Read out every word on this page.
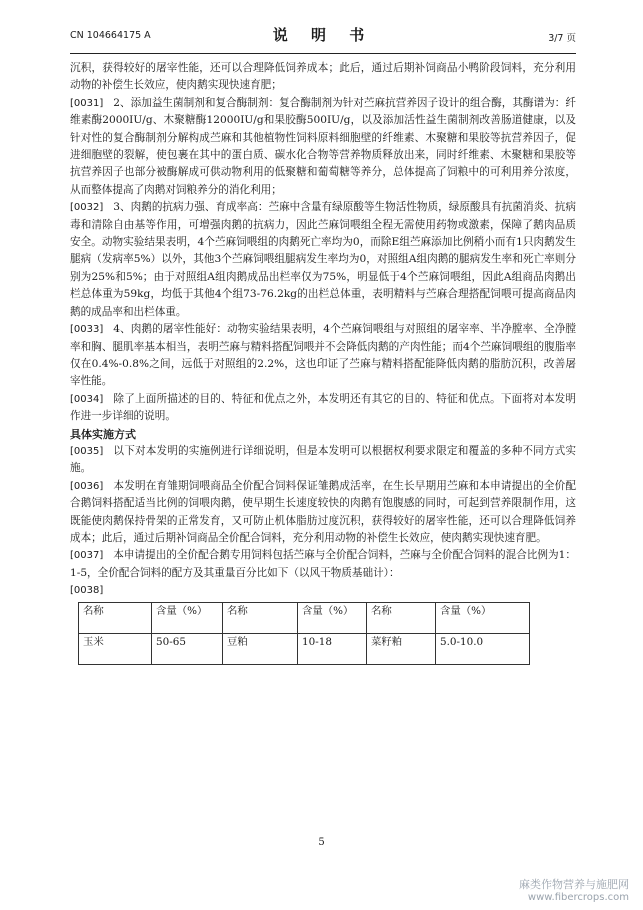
CN 104664175 A	说 明 书	3/7 页

沉积，获得较好的屠宰性能，还可以合理降低饲养成本；此后，通过后期补饲商品小鸭阶段饲料，充分利用动物的补偿生长效应，使肉鹅实现快速育肥；

[0031] 2、添加益生菌制剂和复合酶制剂：复合酶制剂为针对苎麻抗营养因子设计的组合酶，其酶谱为：纤维素酶2000IU/g、木聚糖酶12000IU/g和果胶酶500IU/g，以及添加活性益生菌制剂改善肠道健康，以及针对性的复合酶制剂分解构成苎麻和其他植物性饲料原料细胞壁的纤维素、木聚糖和果胶等抗营养因子，促进细胞壁的裂解，使包裹在其中的蛋白质、碳水化合物等营养物质释放出来，同时纤维素、木聚糖和果胶等抗营养因子也部分被酶解成可供动物利用的低聚糖和葡萄糖等养分，总体提高了饲粮中的可利用养分浓度，从而整体提高了肉鹅对饲粮养分的消化利用；

[0032] 3、肉鹅的抗病力强、育成率高：苎麻中含量有绿原酸等生物活性物质，绿原酸具有抗菌消炎、抗病毒和清除自由基等作用，可增强肉鹅的抗病力，因此苎麻饲喂组全程无需使用药物或激素，保障了鹅肉品质安全。动物实验结果表明，4个苎麻饲喂组的肉鹅死亡率均为0，而除E组苎麻添加比例稍小而有1只肉鹅发生腿病（发病率5%）以外，其他3个苎麻饲喂组腿病发生率均为0，对照组A组肉鹅的腿病发生率和死亡率则分别为25%和5%；由于对照组A组肉鹅成品出栏率仅为75%，明显低于4个苎麻饲喂组，因此A组商品肉鹅出栏总体重为59kg，均低于其他4个组73-76.2kg的出栏总体重，表明精料与苎麻合理搭配饲喂可提高商品肉鹅的成品率和出栏体重。

[0033] 4、肉鹅的屠宰性能好：动物实验结果表明，4个苎麻饲喂组与对照组的屠宰率、半净膛率、全净膛率和胸、腿肌率基本相当，表明苎麻与精料搭配饲喂并不会降低肉鹅的产肉性能；而4个苎麻饲喂组的腹脂率仅在0.4%-0.8%之间，远低于对照组的2.2%，这也印证了苎麻与精料搭配能降低肉鹅的脂肪沉积，改善屠宰性能。

[0034] 除了上面所描述的目的、特征和优点之外，本发明还有其它的目的、特征和优点。下面将对本发明作进一步详细的说明。

具体实施方式

[0035] 以下对本发明的实施例进行详细说明，但是本发明可以根据权利要求限定和覆盖的多种不同方式实施。

[0036] 本发明在育雏期饲喂商品全价配合饲料保证雏鹅成活率，在生长早期用苎麻和本申请提出的全价配合鹅饲料搭配适当比例的饲喂肉鹅，使早期生长速度较快的肉鹅有饱腹感的同时，可起到营养限制作用，这既能使肉鹅保持骨架的正常发育，又可防止机体脂肪过度沉积，获得较好的屠宰性能，还可以合理降低饲养成本；此后，通过后期补饲商品全价配合饲料，充分利用动物的补偿生长效应，使肉鹅实现快速育肥。

[0037] 本申请提出的全价配合鹅专用饲料包括苎麻与全价配合饲料，苎麻与全价配合饲料的混合比例为1：1-5，全价配合饲料的配方及其重量百分比如下（以风干物质基础计）：

[0038]

名称	含量（%）	名称	含量（%）	名称	含量（%）
玉米	50-65	豆粕	10-18	菜籽粕	5.0-10.0
5
麻类作物营养与施肥网
www.fibercrops.com
